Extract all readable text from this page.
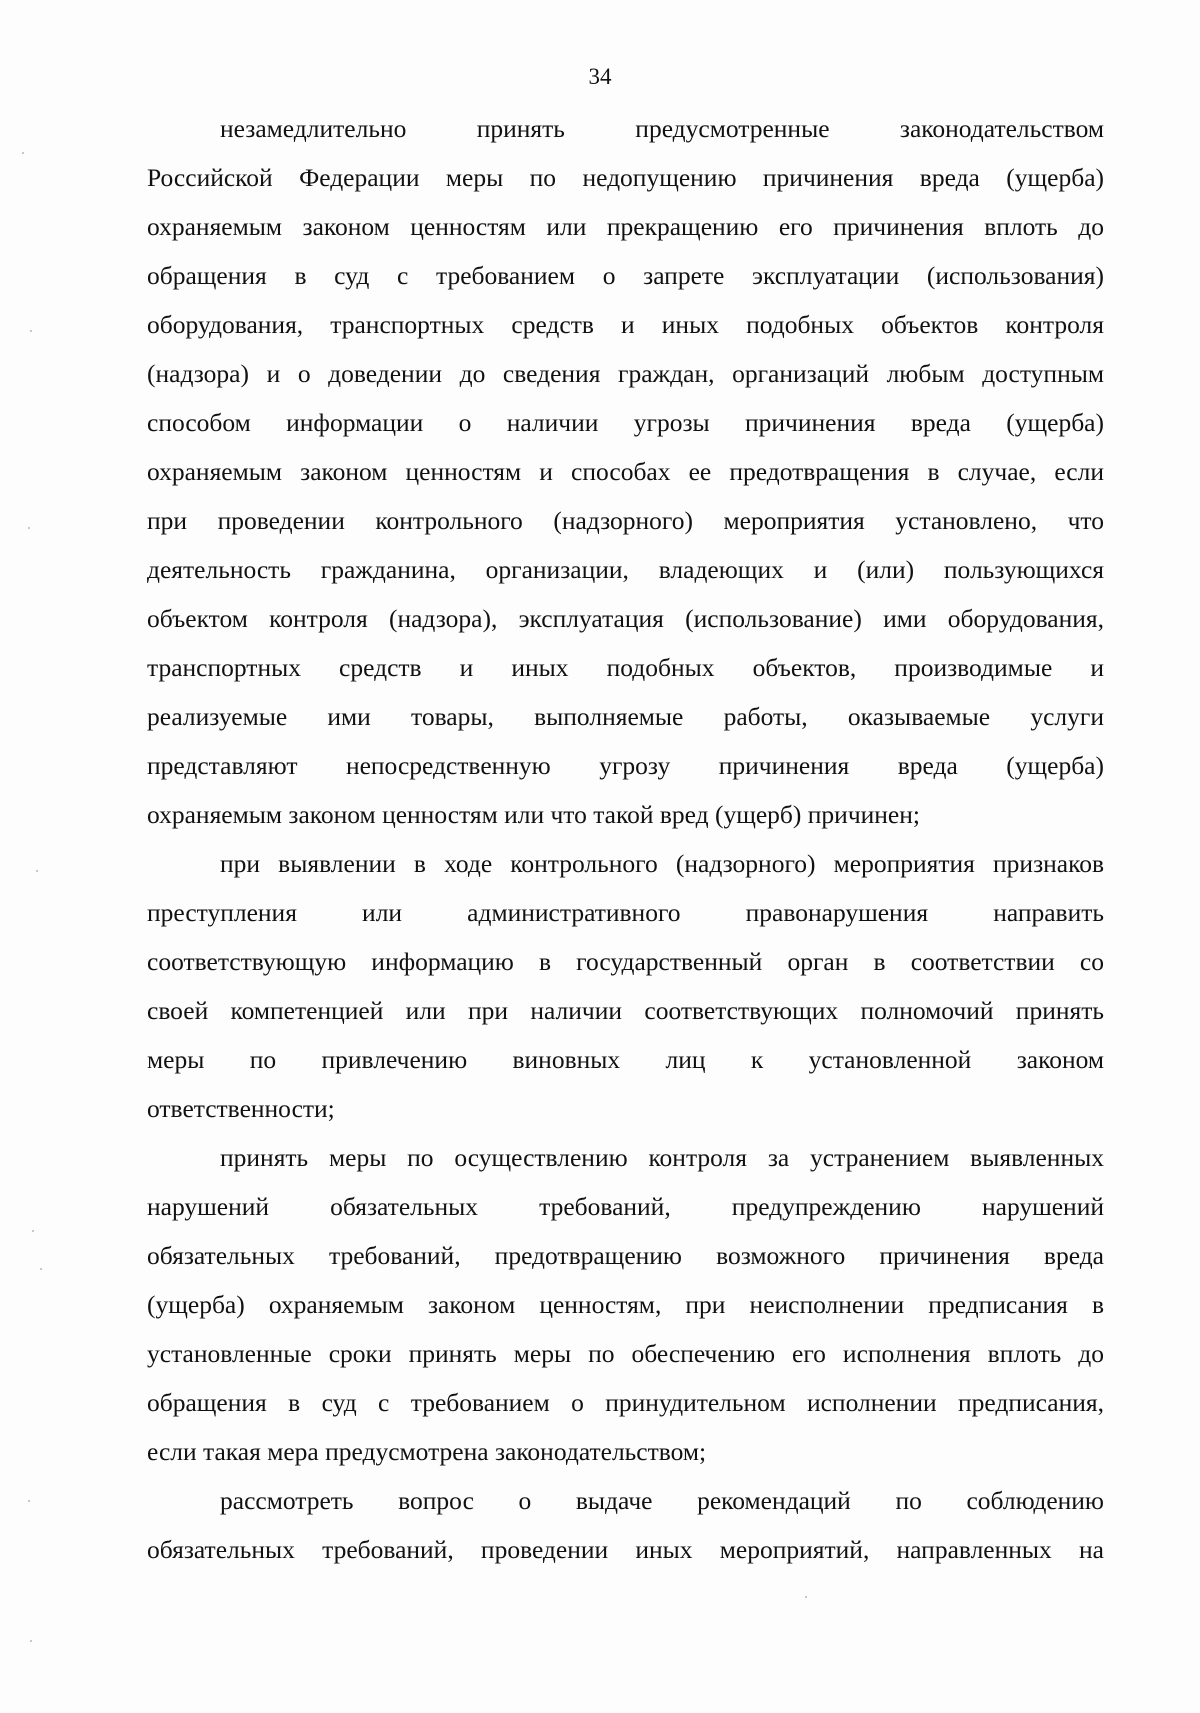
34
незамедлительно принять предусмотренные законодательством
Российской Федерации меры по недопущению причинения вреда (ущерба)
охраняемым законом ценностям или прекращению его причинения вплоть до
обращения в суд с требованием о запрете эксплуатации (использования)
оборудования, транспортных средств и иных подобных объектов контроля
(надзора) и о доведении до сведения граждан, организаций любым доступным
способом информации о наличии угрозы причинения вреда (ущерба)
охраняемым законом ценностям и способах ее предотвращения в случае, если
при проведении контрольного (надзорного) мероприятия установлено, что
деятельность гражданина, организации, владеющих и (или) пользующихся
объектом контроля (надзора), эксплуатация (использование) ими оборудования,
транспортных средств и иных подобных объектов, производимые и
реализуемые ими товары, выполняемые работы, оказываемые услуги
представляют непосредственную угрозу причинения вреда (ущерба)
охраняемым законом ценностям или что такой вред (ущерб) причинен;
при выявлении в ходе контрольного (надзорного) мероприятия признаков
преступления или административного правонарушения направить
соответствующую информацию в государственный орган в соответствии со
своей компетенцией или при наличии соответствующих полномочий принять
меры по привлечению виновных лиц к установленной законом
ответственности;
принять меры по осуществлению контроля за устранением выявленных
нарушений обязательных требований, предупреждению нарушений
обязательных требований, предотвращению возможного причинения вреда
(ущерба) охраняемым законом ценностям, при неисполнении предписания в
установленные сроки принять меры по обеспечению его исполнения вплоть до
обращения в суд с требованием о принудительном исполнении предписания,
если такая мера предусмотрена законодательством;
рассмотреть вопрос о выдаче рекомендаций по соблюдению
обязательных требований, проведении иных мероприятий, направленных на
